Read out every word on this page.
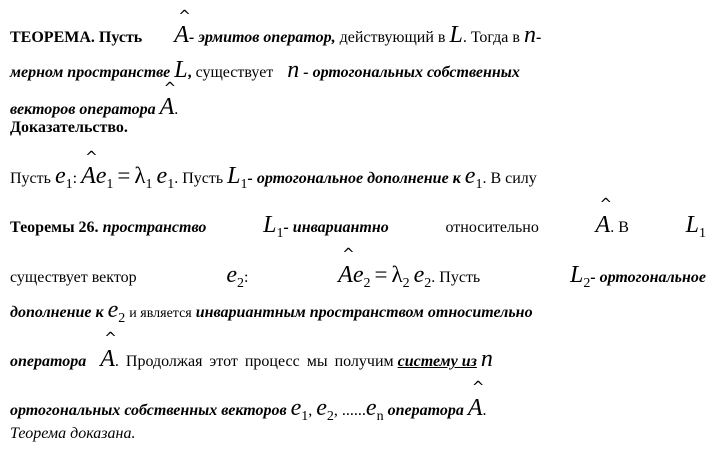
ТЕОРЕМА. Пусть
^
A- эрмитов оператор, действующий в L. Тогда в n-
мерном пространстве L, существует n - ортогональных собственных
векторов оператора
^
A.
Доказательство.
Пусть e1:
^
Ae1 = λ1 e1. Пусть L1- ортогональное дополнение к e1. В силу
Теоремы 26. пространство L1- инвариантно	относительно
^
A. В L1
существует вектор	e2:
^
Ae2 = λ2 e2. Пусть	L2- ортогональное
дополнение к e2 и является инвариантным пространством относительно
оператора
^
A. Продолжая этот процесс мы получим систему из n
ортогональных собственных векторов e1, e2, ......en оператора
^
A.
Теорема доказана.
